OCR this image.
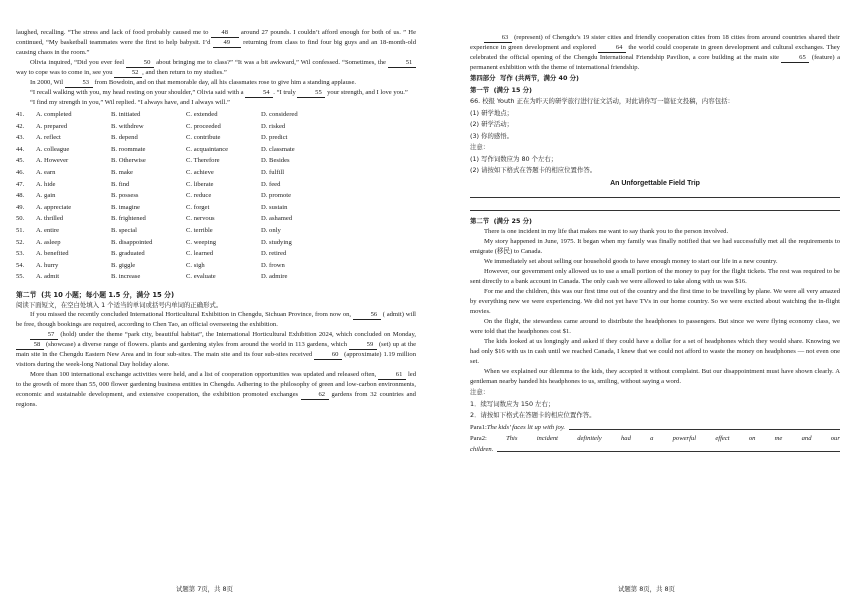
laughed, recalling. “The stress and lack of food probably caused me to 48 around 27 pounds. I couldn’t afford enough for both of us. ” He continued, “My basketball teammates were the first to help babysit. I’d 49 returning from class to find four big guys and an 18-month-old causing chaos in the room.”

Olivia inquired, “Did you ever feel	50 about bringing me to class?” “It was a bit awkward,” Wil confessed. “Sometimes, the	51 way to cope was to come in, see you	52 , and then return to my studies.”

In 2000, Wil	53 from Bowdoin, and on that memorable day, all his classmates rose to give him a standing applause.

“I recall walking with you, my head resting on your shoulder,” Olivia said with a	54 . “I truly	55 your strength, and I love you.”

“I find my strength in you,” Wil replied. “I always have, and I always will.”

41.	A. completed	B. initiated	C. extended	D. considered
42.	A. prepared	B. withdrew	C. proceeded	D. risked
43.	A. reflect	B. depend	C. contribute	D. predict
44.	A. colleague	B. roommate	C. acquaintance	D. classmate
45.	A. However	B. Otherwise	C. Therefore	D. Besides
46.	A. earn	B. make	C. achieve	D. fulfill
47.	A. hide	B. find	C. liberate	D. feed
48.	A. gain	B. possess	C. reduce	D. promote
49.	A. appreciate	B. imagine	C. forget	D. sustain
50.	A. thrilled	B. frightened	C. nervous	D. ashamed
51.	A. entire	B. special	C. terrible	D. only
52.	A. asleep	B. disappointed	C. weeping	D. studying
53.	A. benefited	B. graduated	C. learned	D. retired
54.	A. hurry	B. giggle	C. sigh	D. frown
55.	A. admit	B. increase	C. evaluate	D. admire
第二节  (共 10 小题；每小题 1.5 分，满分 15 分)
阅读下面短文，在空白处填入 1 个适当的单词或括号内单词的正确形式。

If you missed the recently concluded International Horticultural Exhibition in Chengdu, Sichuan Province, from now on,	56 ( admit) will be free, though bookings are required, according to Chen Tao, an official overseeing the exhibition.

57 (hold) under the theme “park city, beautiful habitat”, the International Horticultural Exhibition 2024, which concluded on Monday, 58 (showcase) a diverse range of flowers. plants and gardening styles from around the world in 113 gardens, which	59 (set) up at the main site in the Chengdu Eastern New Area and in four sub-sites. The main site and its four sub-sites received	60 (approximate) 1.19 million visitors during the week-long National Day holiday alone.

More than 100 international exchange activities were held, and a list of cooperation opportunities was updated and released often,	61 led to the growth of more than 55, 000 flower gardening business entities in Chengdu. Adhering to the philosophy of green and low-carbon environments, economic and sustainable development, and extensive cooperation, the exhibition promoted exchanges	62 gardens from 32 countries and regions.

63 (represent) of Chengdu’s 19 sister cities and friendly cooperation cities from 18 cities from around countries shared their experience in green development and explored	64 the world could cooperate in green development and cultural exchanges. They celebrated the official opening of the Chengdu International Friendship Pavilion, a core building at the main site	65 (feature) a permanent exhibition with the theme of international friendship.

第四部分  写作 (共两节，满分 40 分)
第一节  (满分 15 分)
66. 校报 Youth 正在为昨天的研学旅行进行征文活动，对此请你写一篇征文投稿，内容包括：
(1) 研学地点；
(2) 研学活动；
(3) 你的感悟。
注意：
(1) 写作词数应为 80 个左右；
(2) 请按如下格式在答题卡的相应位置作答。
An Unforgettable Field Trip
第二节  (满分 25 分)

There is one incident in my life that makes me want to say thank you to the person involved.

My story happened in June, 1975. It began when my family was finally notified that we had successfully met all the requirements to emigrate (移民) to Canada.

We immediately set about selling our household goods to have enough money to start our life in a new country.

However, our government only allowed us to use a small portion of the money to pay for the flight tickets. The rest was required to be sent directly to a bank account in Canada. The only cash we were allowed to take along with us was $16.

For me and the children, this was our first time out of the country and the first time to be travelling by plane. We were all very amazed by everything new we were experiencing. We did not yet have TVs in our home country. So we were excited about watching the in-flight movies.

On the flight, the stewardess came around to distribute the headphones to passengers. But since we were flying economy class, we were told that the headphones cost $1.

The kids looked at us longingly and asked if they could have a dollar for a set of headphones which they would share. Knowing we had only $16 with us in cash until we reached Canada, I knew that we could not afford to waste the money on headphones — not even one set.

When we explained our dilemma to the kids, they accepted it without complaint. But our disappointment must have shown clearly. A gentleman nearby handed his headphones to us, smiling, without saying a word.

注意：
1．续写词数应为 150 左右；
2．请按如下格式在答题卡的相应位置作答。
Para1: The kids’ faces lit up with joy.
Para2:	This	incident	definitely	had	a	powerful	effect	on	me	and	our
children.
试题第 7页，共 8页	试题第 8页，共 8页
